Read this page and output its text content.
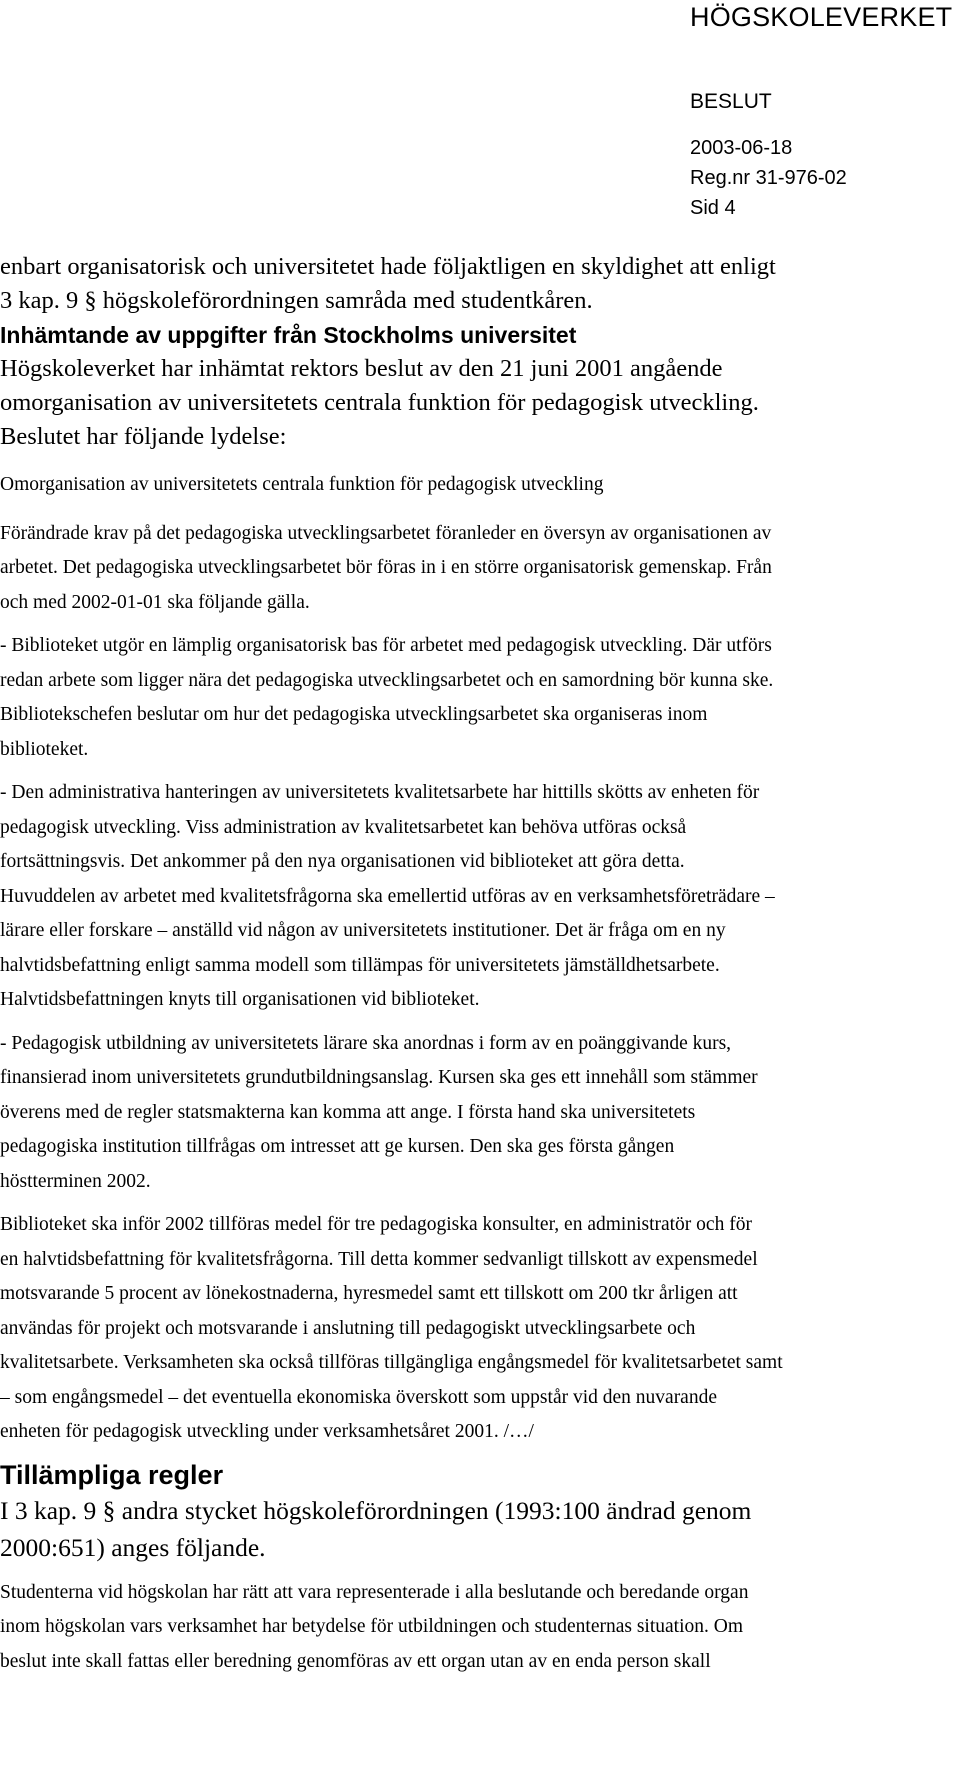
HÖGSKOLEVERKET
BESLUT
2003-06-18
Reg.nr 31-976-02
Sid 4

enbart organisatorisk och universitetet hade följaktligen en skyldighet att enligt

3 kap. 9 § högskoleförordningen samråda med studentkåren.

Inhämtande av uppgifter från Stockholms universitet

Högskoleverket har inhämtat rektors beslut av den 21 juni 2001 angående

omorganisation av universitetets centrala funktion för pedagogisk utveckling.

Beslutet har följande lydelse:

Omorganisation av universitetets centrala funktion för pedagogisk utveckling

Förändrade krav på det pedagogiska utvecklingsarbetet föranleder en översyn av organisationen av

arbetet. Det pedagogiska utvecklingsarbetet bör föras in i en större organisatorisk gemenskap. Från

och med 2002-01-01 ska följande gälla.

- Biblioteket utgör en lämplig organisatorisk bas för arbetet med pedagogisk utveckling. Där utförs

redan arbete som ligger nära det pedagogiska utvecklingsarbetet och en samordning bör kunna ske.

Bibliotekschefen beslutar om hur det pedagogiska utvecklingsarbetet ska organiseras inom

biblioteket.

- Den administrativa hanteringen av universitetets kvalitetsarbete har hittills skötts av enheten för

pedagogisk utveckling. Viss administration av kvalitetsarbetet kan behöva utföras också

fortsättningsvis. Det ankommer på den nya organisationen vid biblioteket att göra detta.

Huvuddelen av arbetet med kvalitetsfrågorna ska emellertid utföras av en verksamhetsföreträdare –

lärare eller forskare – anställd vid någon av universitetets institutioner. Det är fråga om en ny

halvtidsbefattning enligt samma modell som tillämpas för universitetets jämställdhetsarbete.

Halvtidsbefattningen knyts till organisationen vid biblioteket.

- Pedagogisk utbildning av universitetets lärare ska anordnas i form av en poänggivande kurs,

finansierad inom universitetets grundutbildningsanslag. Kursen ska ges ett innehåll som stämmer

överens med de regler statsmakterna kan komma att ange. I första hand ska universitetets

pedagogiska institution tillfrågas om intresset att ge kursen. Den ska ges första gången

höstterminen 2002.

Biblioteket ska inför 2002 tillföras medel för tre pedagogiska konsulter, en administratör och för

en halvtidsbefattning för kvalitetsfrågorna. Till detta kommer sedvanligt tillskott av expensmedel

motsvarande 5 procent av lönekostnaderna, hyresmedel samt ett tillskott om 200 tkr årligen att

användas för projekt och motsvarande i anslutning till pedagogiskt utvecklingsarbete och

kvalitetsarbete. Verksamheten ska också tillföras tillgängliga engångsmedel för kvalitetsarbetet samt

– som engångsmedel – det eventuella ekonomiska överskott som uppstår vid den nuvarande

enheten för pedagogisk utveckling under verksamhetsåret 2001. /…/

Tillämpliga regler

I 3 kap. 9 § andra stycket högskoleförordningen (1993:100 ändrad genom

2000:651) anges följande.

Studenterna vid högskolan har rätt att vara representerade i alla beslutande och beredande organ

inom högskolan vars verksamhet har betydelse för utbildningen och studenternas situation. Om

beslut inte skall fattas eller beredning genomföras av ett organ utan av en enda person skall
